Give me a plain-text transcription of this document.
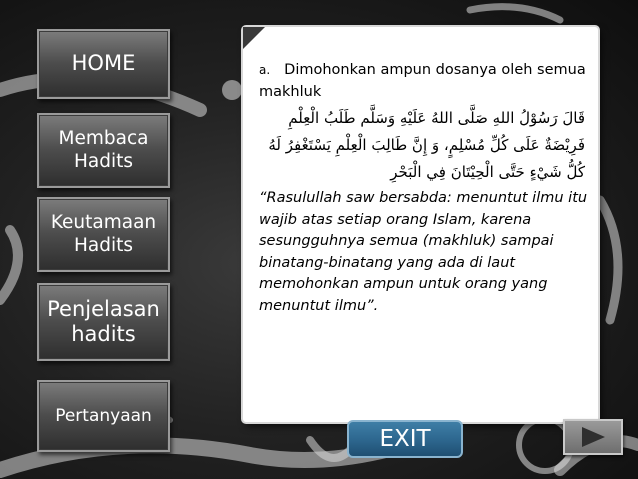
HOME
Membaca
Hadits
Keutamaan
Hadits
Penjelasan
hadits
Pertanyaan
a. Dimohonkan ampun dosanya oleh semua makhluk
قَالَ رَسُوْلُ اللهِ صَلَّى اللهُ عَلَيْهِ وَسَلَّم طَلَبُ الْعِلْمِ
فَرِيْضَةٌ عَلَى كُلِّ مُسْلِمٍ، وَ إِنَّ طَالِبَ الْعِلْمِ يَسْتَغْفِرُ لَهُ
كُلُّ شَيْءٍ حَتَّى الْحِيْتَانَ فِي الْبَحْرِ
“Rasulullah saw bersabda: menuntut ilmu itu wajib atas setiap orang Islam, karena sesungguhnya semua (makhluk) sampai binatang-binatang yang ada di laut memohonkan ampun untuk orang yang menuntut ilmu”.
EXIT
